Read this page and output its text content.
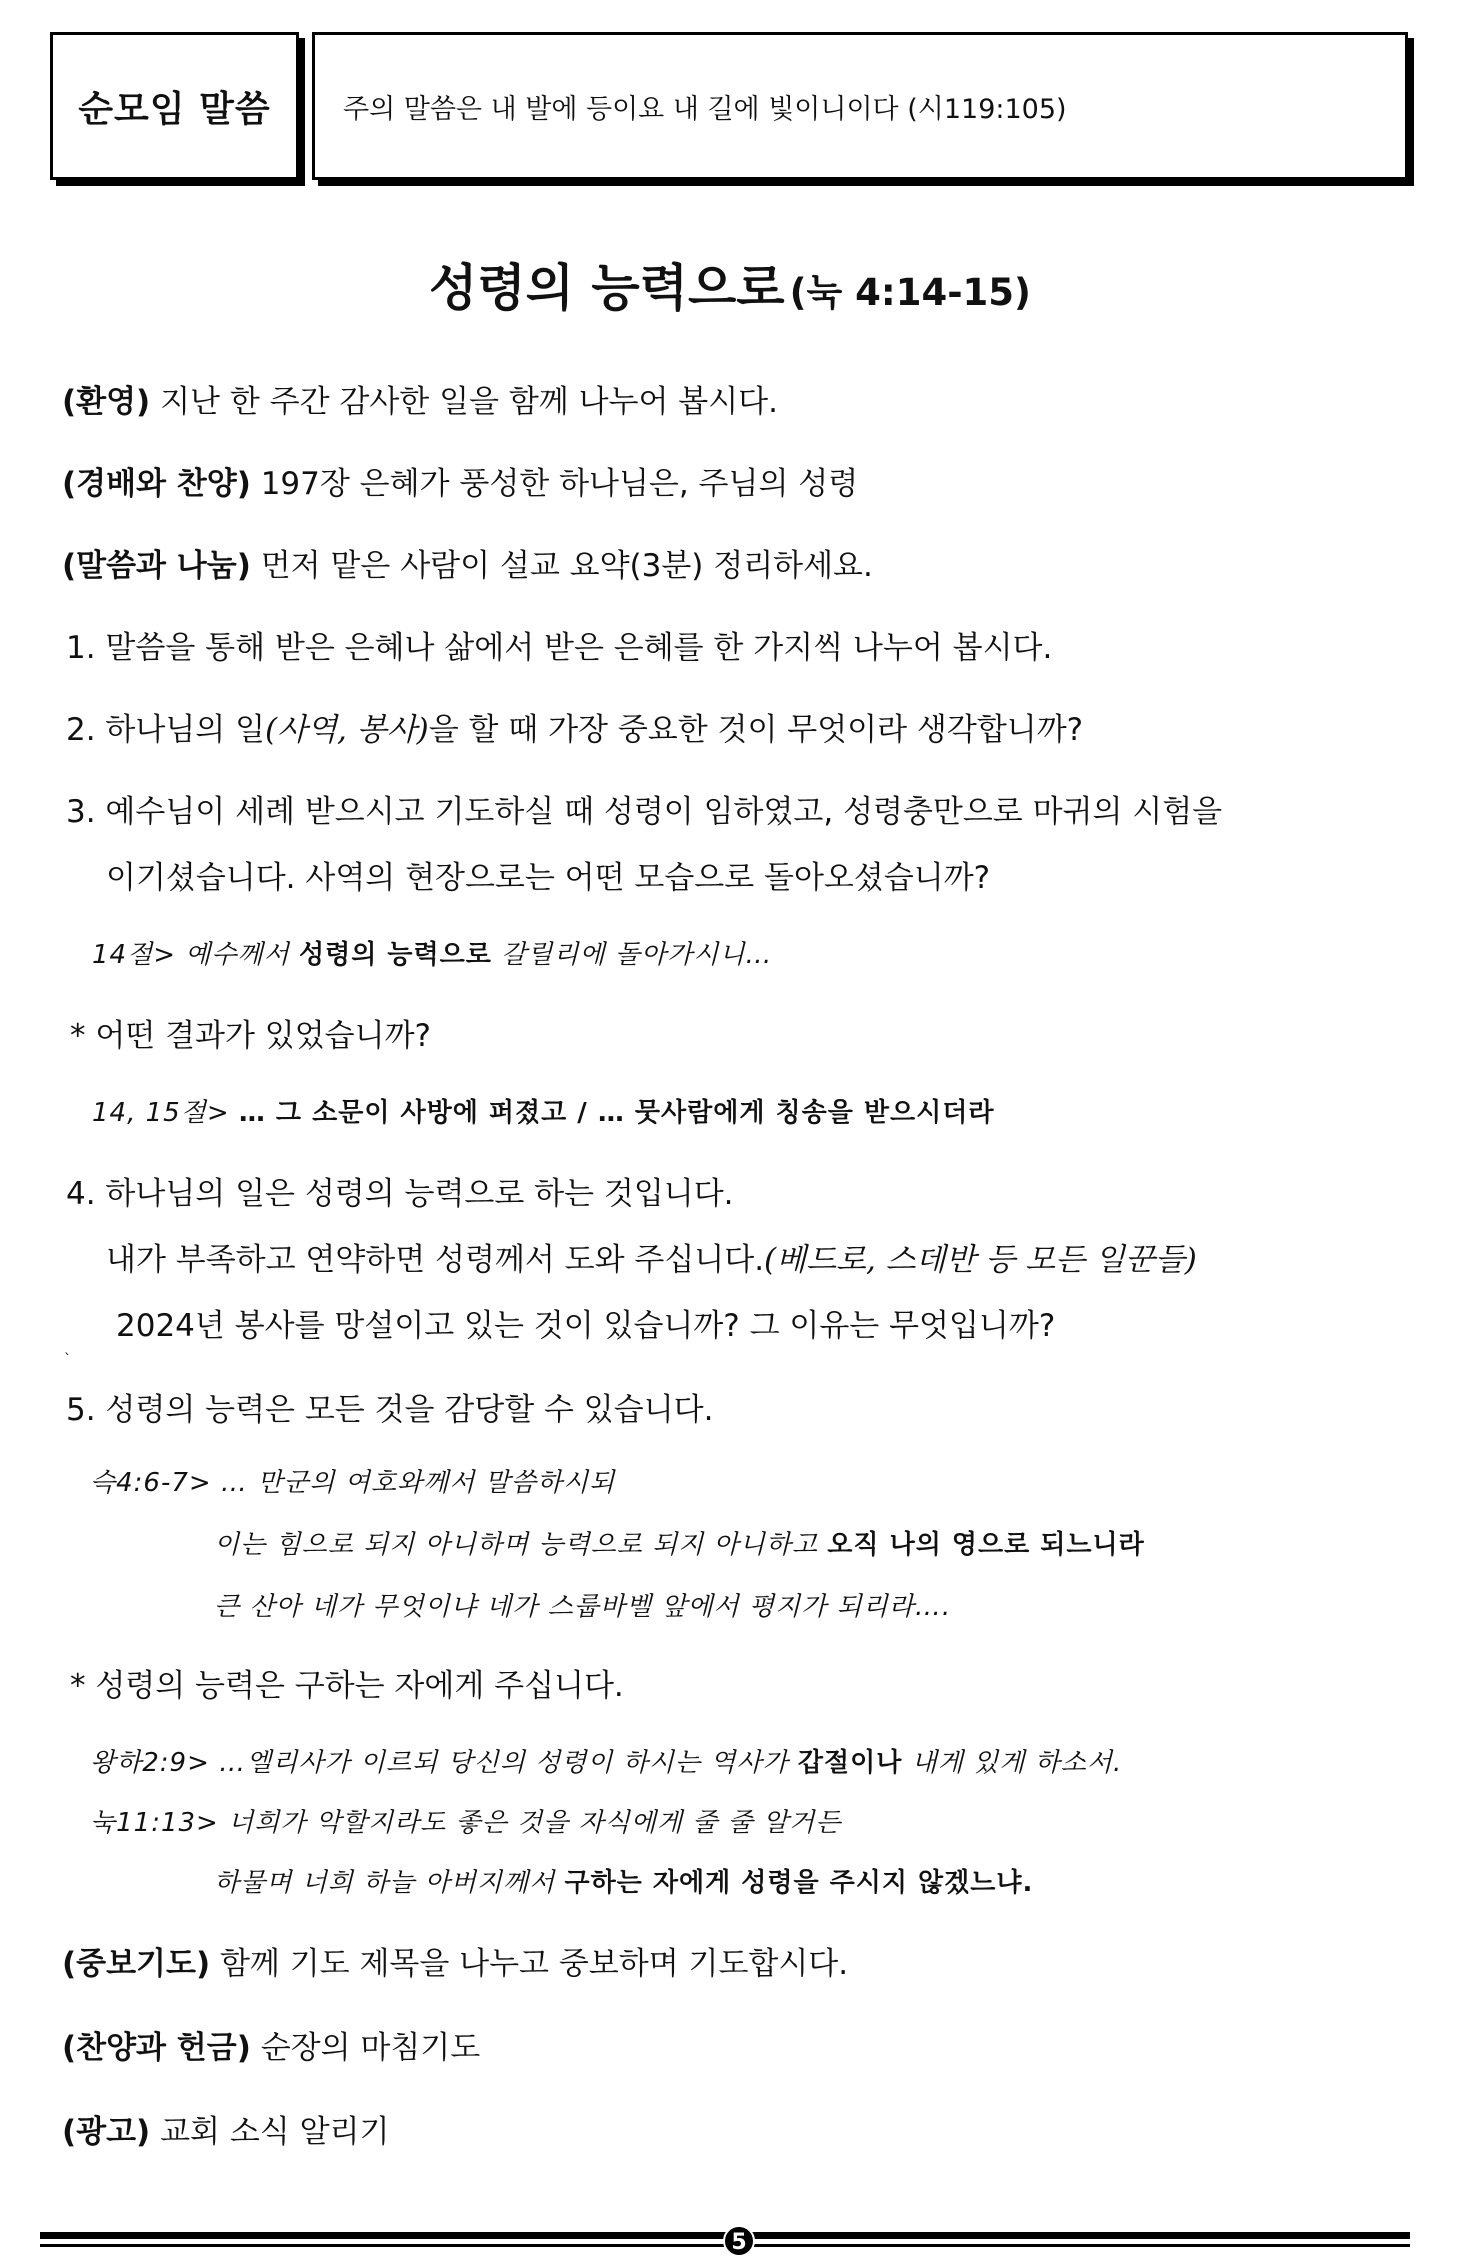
순모임 말씀	주의 말씀은 내 발에 등이요 내 길에 빛이니이다 (시119:105)
성령의 능력으로 (눅 4:14-15)
(환영) 지난 한 주간 감사한 일을 함께 나누어 봅시다.
(경배와 찬양) 197장 은혜가 풍성한 하나님은, 주님의 성령
(말씀과 나눔) 먼저 맡은 사람이 설교 요약(3분) 정리하세요.
1. 말씀을 통해 받은 은혜나 삶에서 받은 은혜를 한 가지씩 나누어 봅시다.
2. 하나님의 일(사역, 봉사)을 할 때 가장 중요한 것이 무엇이라 생각합니까?
3. 예수님이 세례 받으시고 기도하실 때 성령이 임하였고, 성령충만으로 마귀의 시험을
이기셨습니다. 사역의 현장으로는 어떤 모습으로 돌아오셨습니까?
14절> 예수께서 성령의 능력으로 갈릴리에 돌아가시니…
* 어떤 결과가 있었습니까?
14, 15절> … 그 소문이 사방에 퍼졌고 / … 뭇사람에게 칭송을 받으시더라
4. 하나님의 일은 성령의 능력으로 하는 것입니다.
내가 부족하고 연약하면 성령께서 도와 주십니다.(베드로, 스데반 등 모든 일꾼들)
2024년 봉사를 망설이고 있는 것이 있습니까? 그 이유는 무엇입니까?
`
5. 성령의 능력은 모든 것을 감당할 수 있습니다.
슥4:6-7> … 만군의 여호와께서 말씀하시되
이는 힘으로 되지 아니하며 능력으로 되지 아니하고 오직 나의 영으로 되느니라
큰 산아 네가 무엇이냐 네가 스룹바벨 앞에서 평지가 되리라….
* 성령의 능력은 구하는 자에게 주십니다.
왕하2:9> …엘리사가 이르되 당신의 성령이 하시는 역사가 갑절이나 내게 있게 하소서.
눅11:13> 너희가 악할지라도 좋은 것을 자식에게 줄 줄 알거든
하물며 너희 하늘 아버지께서 구하는 자에게 성령을 주시지 않겠느냐.
(중보기도) 함께 기도 제목을 나누고 중보하며 기도합시다.
(찬양과 헌금) 순장의 마침기도
(광고) 교회 소식 알리기
5
